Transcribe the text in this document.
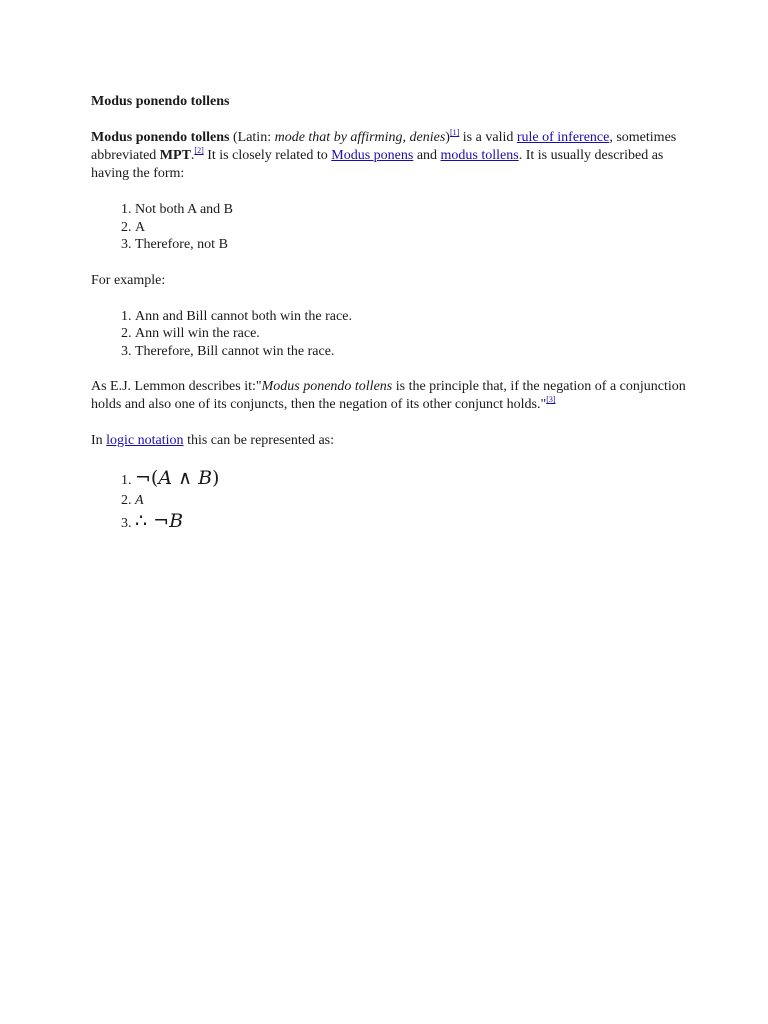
Modus ponendo tollens

Modus ponendo tollens (Latin: mode that by affirming, denies)[1] is a valid rule of inference, sometimes abbreviated MPT.[2] It is closely related to Modus ponens and modus tollens. It is usually described as having the form:

1. Not both A and B
2. A
3. Therefore, not B

For example:

1. Ann and Bill cannot both win the race.
2. Ann will win the race.
3. Therefore, Bill cannot win the race.

As E.J. Lemmon describes it:"Modus ponendo tollens is the principle that, if the negation of a conjunction holds and also one of its conjuncts, then the negation of its other conjunct holds."[3]

In logic notation this can be represented as:

1. ¬(A ∧ B)
2. A
3. ∴ ¬B
